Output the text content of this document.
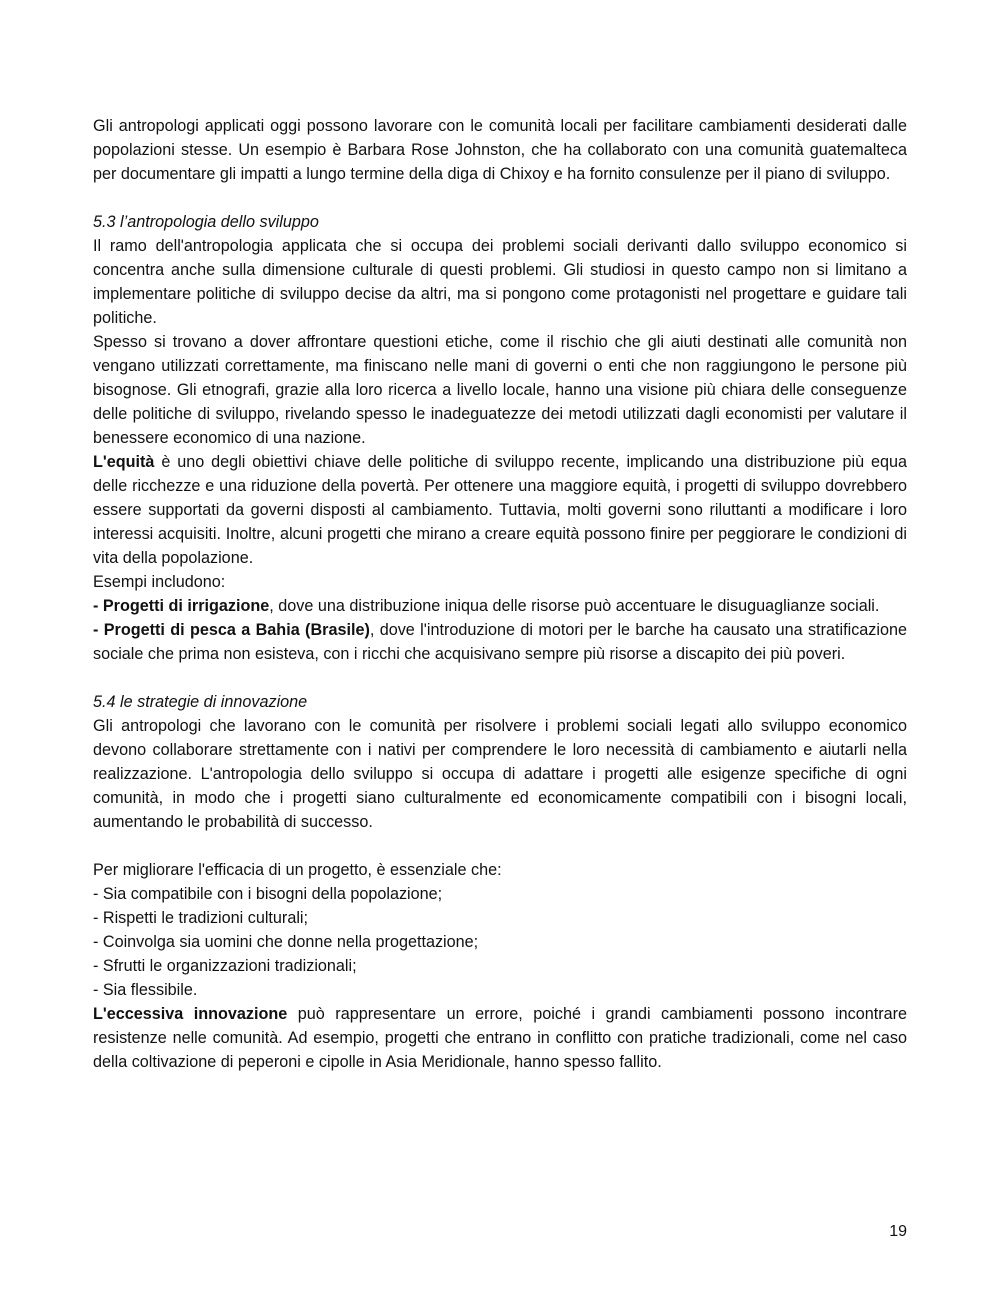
Gli antropologi applicati oggi possono lavorare con le comunità locali per facilitare cambiamenti desiderati dalle popolazioni stesse. Un esempio è Barbara Rose Johnston, che ha collaborato con una comunità guatemalteca per documentare gli impatti a lungo termine della diga di Chixoy e ha fornito consulenze per il piano di sviluppo.

5.3 l’antropologia dello sviluppo

Il ramo dell'antropologia applicata che si occupa dei problemi sociali derivanti dallo sviluppo economico si concentra anche sulla dimensione culturale di questi problemi. Gli studiosi in questo campo non si limitano a implementare politiche di sviluppo decise da altri, ma si pongono come protagonisti nel progettare e guidare tali politiche.

Spesso si trovano a dover affrontare questioni etiche, come il rischio che gli aiuti destinati alle comunità non vengano utilizzati correttamente, ma finiscano nelle mani di governi o enti che non raggiungono le persone più bisognose. Gli etnografi, grazie alla loro ricerca a livello locale, hanno una visione più chiara delle conseguenze delle politiche di sviluppo, rivelando spesso le inadeguatezze dei metodi utilizzati dagli economisti per valutare il benessere economico di una nazione.

L'equità è uno degli obiettivi chiave delle politiche di sviluppo recente, implicando una distribuzione più equa delle ricchezze e una riduzione della povertà. Per ottenere una maggiore equità, i progetti di sviluppo dovrebbero essere supportati da governi disposti al cambiamento. Tuttavia, molti governi sono riluttanti a modificare i loro interessi acquisiti. Inoltre, alcuni progetti che mirano a creare equità possono finire per peggiorare le condizioni di vita della popolazione.

Esempi includono:

- Progetti di irrigazione, dove una distribuzione iniqua delle risorse può accentuare le disuguaglianze sociali.

- Progetti di pesca a Bahia (Brasile), dove l'introduzione di motori per le barche ha causato una stratificazione sociale che prima non esisteva, con i ricchi che acquisivano sempre più risorse a discapito dei più poveri.

5.4 le strategie di innovazione

Gli antropologi che lavorano con le comunità per risolvere i problemi sociali legati allo sviluppo economico devono collaborare strettamente con i nativi per comprendere le loro necessità di cambiamento e aiutarli nella realizzazione. L'antropologia dello sviluppo si occupa di adattare i progetti alle esigenze specifiche di ogni comunità, in modo che i progetti siano culturalmente ed economicamente compatibili con i bisogni locali, aumentando le probabilità di successo.

Per migliorare l'efficacia di un progetto, è essenziale che:

- Sia compatibile con i bisogni della popolazione;

- Rispetti le tradizioni culturali;

- Coinvolga sia uomini che donne nella progettazione;

- Sfrutti le organizzazioni tradizionali;

- Sia flessibile.

L'eccessiva innovazione può rappresentare un errore, poiché i grandi cambiamenti possono incontrare resistenze nelle comunità. Ad esempio, progetti che entrano in conflitto con pratiche tradizionali, come nel caso della coltivazione di peperoni e cipolle in Asia Meridionale, hanno spesso fallito.

19
